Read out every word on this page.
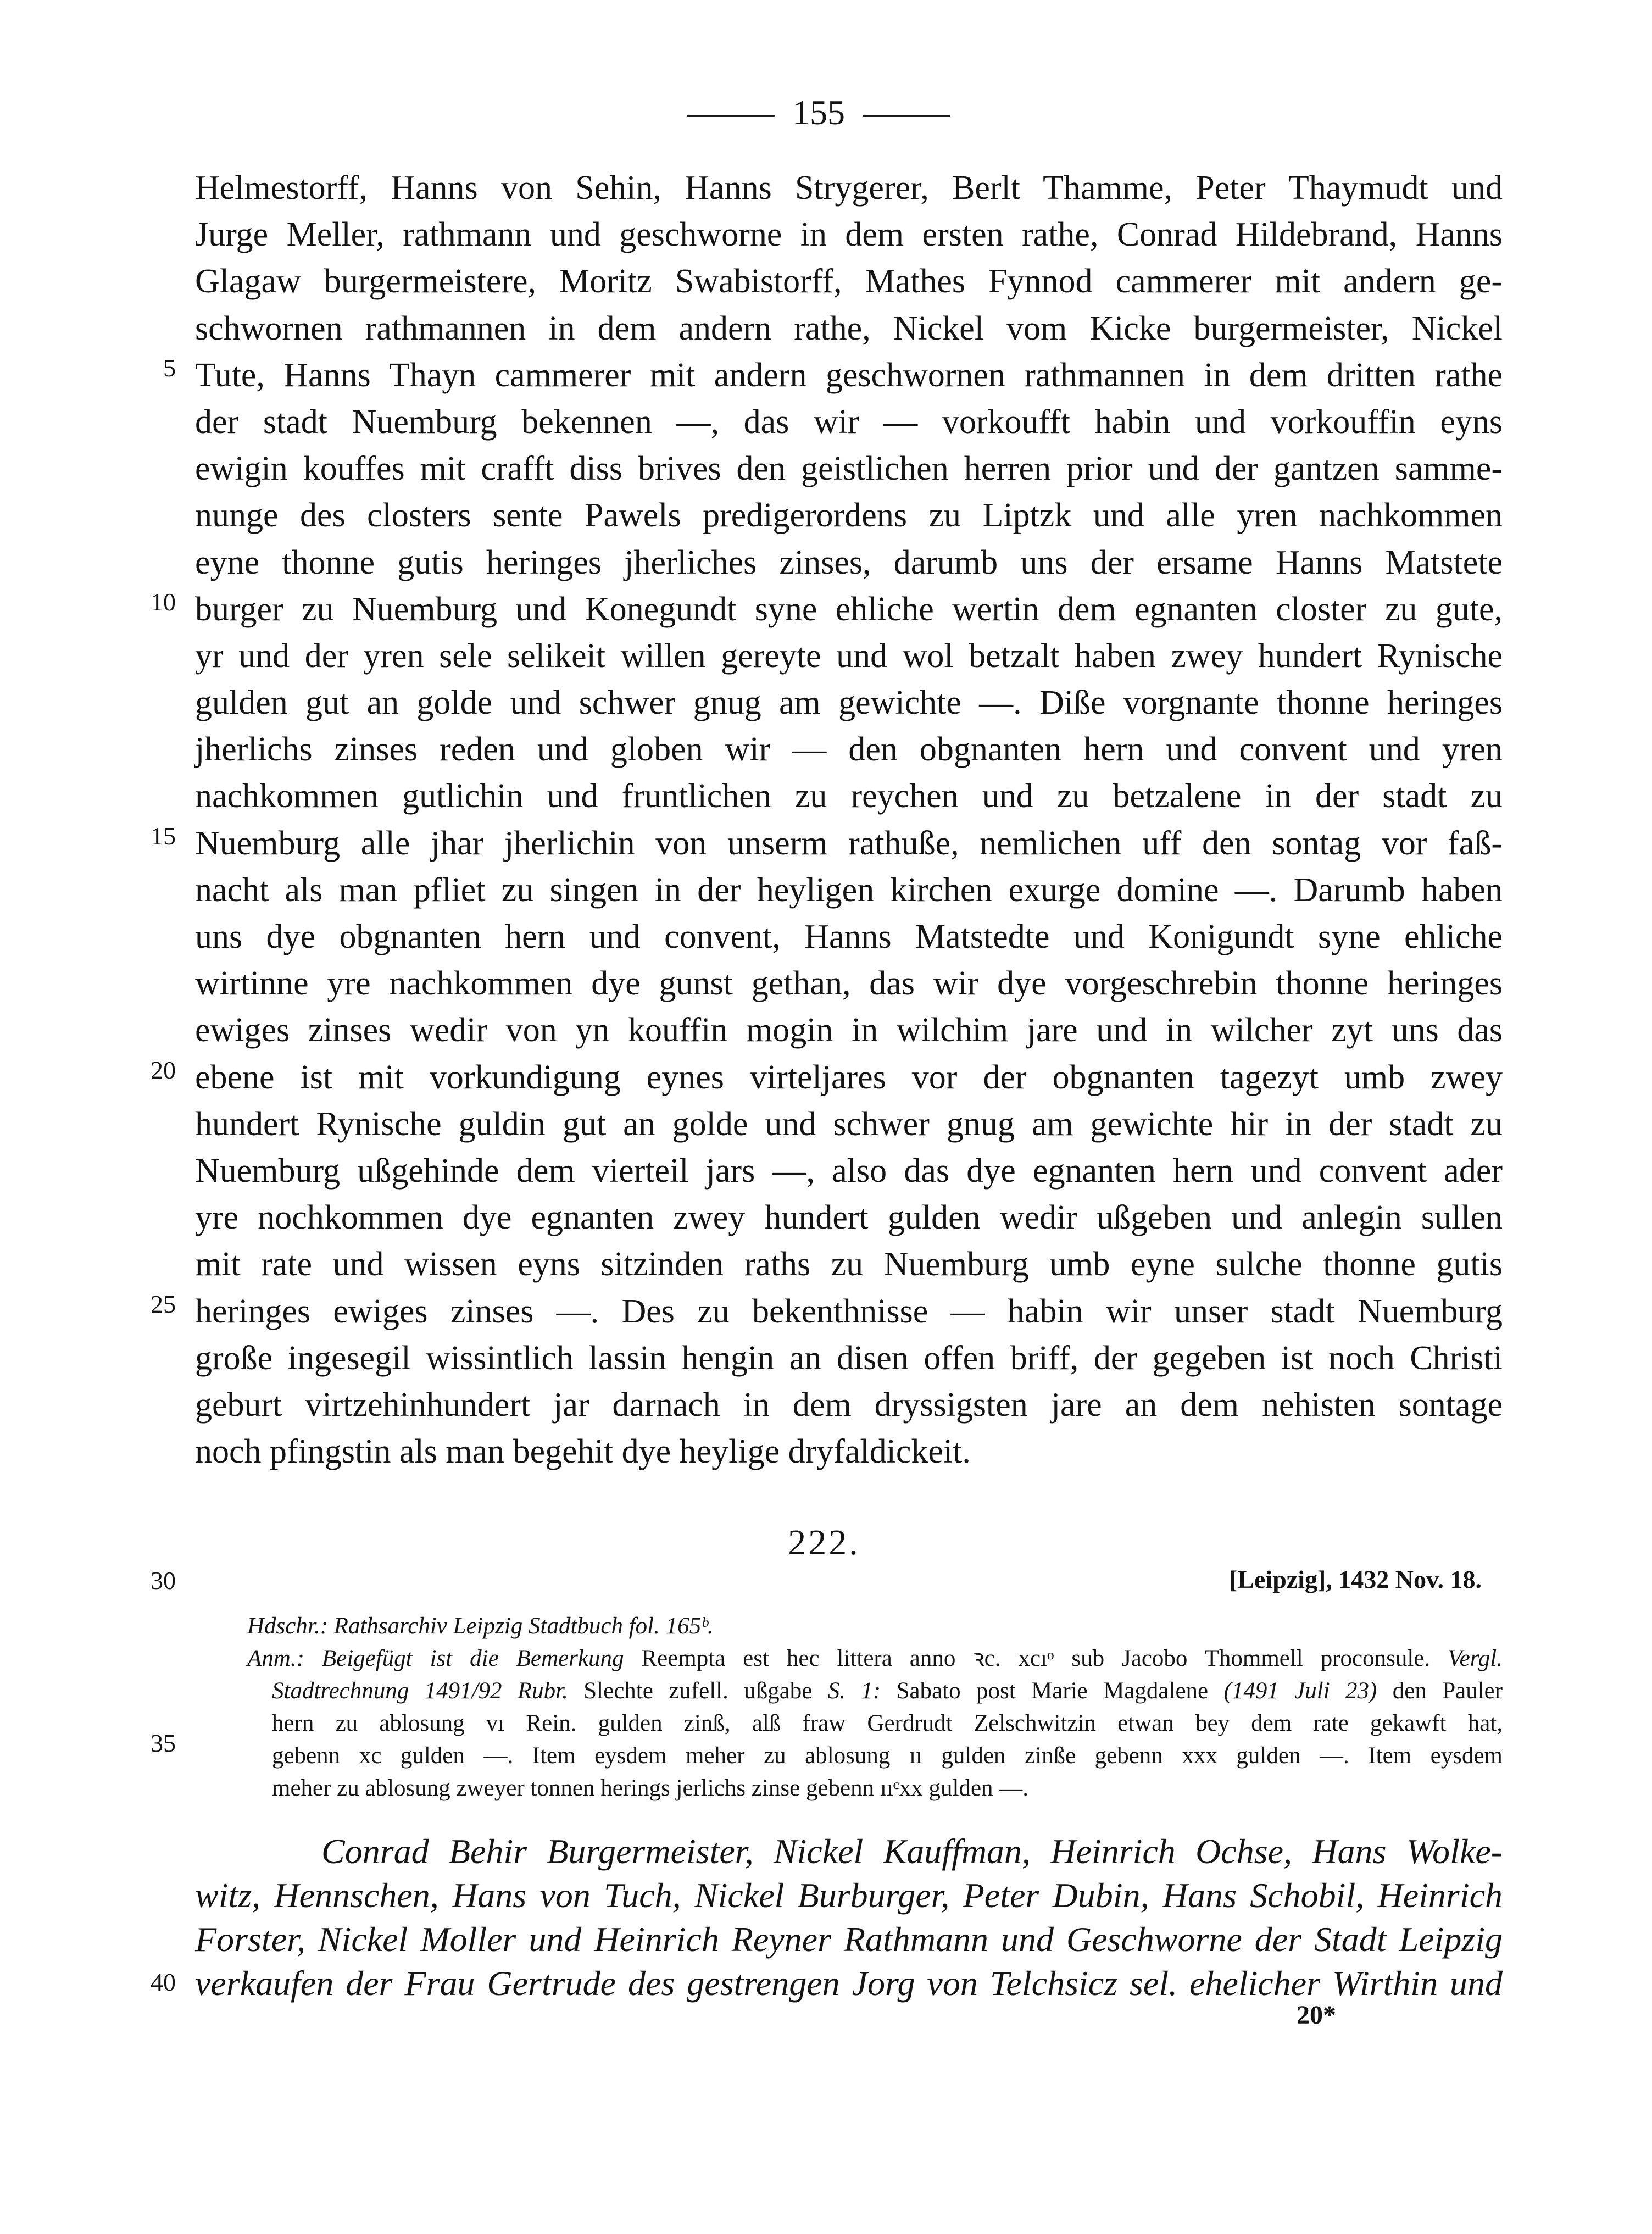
155
Helmestorff, Hanns von Sehin, Hanns Strygerer, Berlt Thamme, Peter Thaymudt und
Jurge Meller, rathmann und geschworne in dem ersten rathe, Conrad Hildebrand, Hanns
Glagaw burgermeistere, Moritz Swabistorff, Mathes Fynnod cammerer mit andern ge-
schwornen rathmannen in dem andern rathe, Nickel vom Kicke burgermeister, Nickel
Tute, Hanns Thayn cammerer mit andern geschwornen rathmannen in dem dritten rathe
der stadt Nuemburg bekennen —, das wir — vorkoufft habin und vorkouffin eyns
ewigin kouffes mit crafft diss brives den geistlichen herren prior und der gantzen samme-
nunge des closters sente Pawels predigerordens zu Liptzk und alle yren nachkommen
eyne thonne gutis heringes jherliches zinses, darumb uns der ersame Hanns Matstete
burger zu Nuemburg und Konegundt syne ehliche wertin dem egnanten closter zu gute,
yr und der yren sele selikeit willen gereyte und wol betzalt haben zwey hundert Rynische
gulden gut an golde und schwer gnug am gewichte —. Diße vorgnante thonne heringes
jherlichs zinses reden und globen wir — den obgnanten hern und convent und yren
nachkommen gutlichin und fruntlichen zu reychen und zu betzalene in der stadt zu
Nuemburg alle jhar jherlichin von unserm rathuße, nemlichen uff den sontag vor faß-
nacht als man pfliet zu singen in der heyligen kirchen exurge domine —. Darumb haben
uns dye obgnanten hern und convent, Hanns Matstedte und Konigundt syne ehliche
wirtinne yre nachkommen dye gunst gethan, das wir dye vorgeschrebin thonne heringes
ewiges zinses wedir von yn kouffin mogin in wilchim jare und in wilcher zyt uns das
ebene ist mit vorkundigung eynes virteljares vor der obgnanten tagezyt umb zwey
hundert Rynische guldin gut an golde und schwer gnug am gewichte hir in der stadt zu
Nuemburg ußgehinde dem vierteil jars —, also das dye egnanten hern und convent ader
yre nochkommen dye egnanten zwey hundert gulden wedir ußgeben und anlegin sullen
mit rate und wissen eyns sitzinden raths zu Nuemburg umb eyne sulche thonne gutis
heringes ewiges zinses —. Des zu bekenthnisse — habin wir unser stadt Nuemburg
große ingesegil wissintlich lassin hengin an disen offen briff, der gegeben ist noch Christi
geburt virtzehinhundert jar darnach in dem dryssigsten jare an dem nehisten sontage
noch pfingstin als man begehit dye heylige dryfaldickeit.
5
10
15
20
25
30
35
40
222.
[Leipzig], 1432 Nov. 18.
Hdschr.: Rathsarchiv Leipzig Stadtbuch fol. 165ᵇ.
Anm.: Beigefügt ist die Bemerkung Reempta est hec littera anno ꝛc. xcıᵒ sub Jacobo Thommell proconsule. Vergl.
Stadtrechnung 1491/92 Rubr. Slechte zufell. ußgabe S. 1: Sabato post Marie Magdalene (1491 Juli 23) den Pauler
hern zu ablosung vı Rein. gulden zinß, alß fraw Gerdrudt Zelschwitzin etwan bey dem rate gekawft hat,
gebenn xc gulden —. Item eysdem meher zu ablosung ıı gulden zinße gebenn xxx gulden —. Item eysdem
meher zu ablosung zweyer tonnen herings jerlichs zinse gebenn ııᶜxx gulden —.
Conrad Behir Burgermeister, Nickel Kauffman, Heinrich Ochse, Hans Wolke-
witz, Hennschen, Hans von Tuch, Nickel Burburger, Peter Dubin, Hans Schobil, Heinrich
Forster, Nickel Moller und Heinrich Reyner Rathmann und Geschworne der Stadt Leipzig
verkaufen der Frau Gertrude des gestrengen Jorg von Telchsicz sel. ehelicher Wirthin und
20*
